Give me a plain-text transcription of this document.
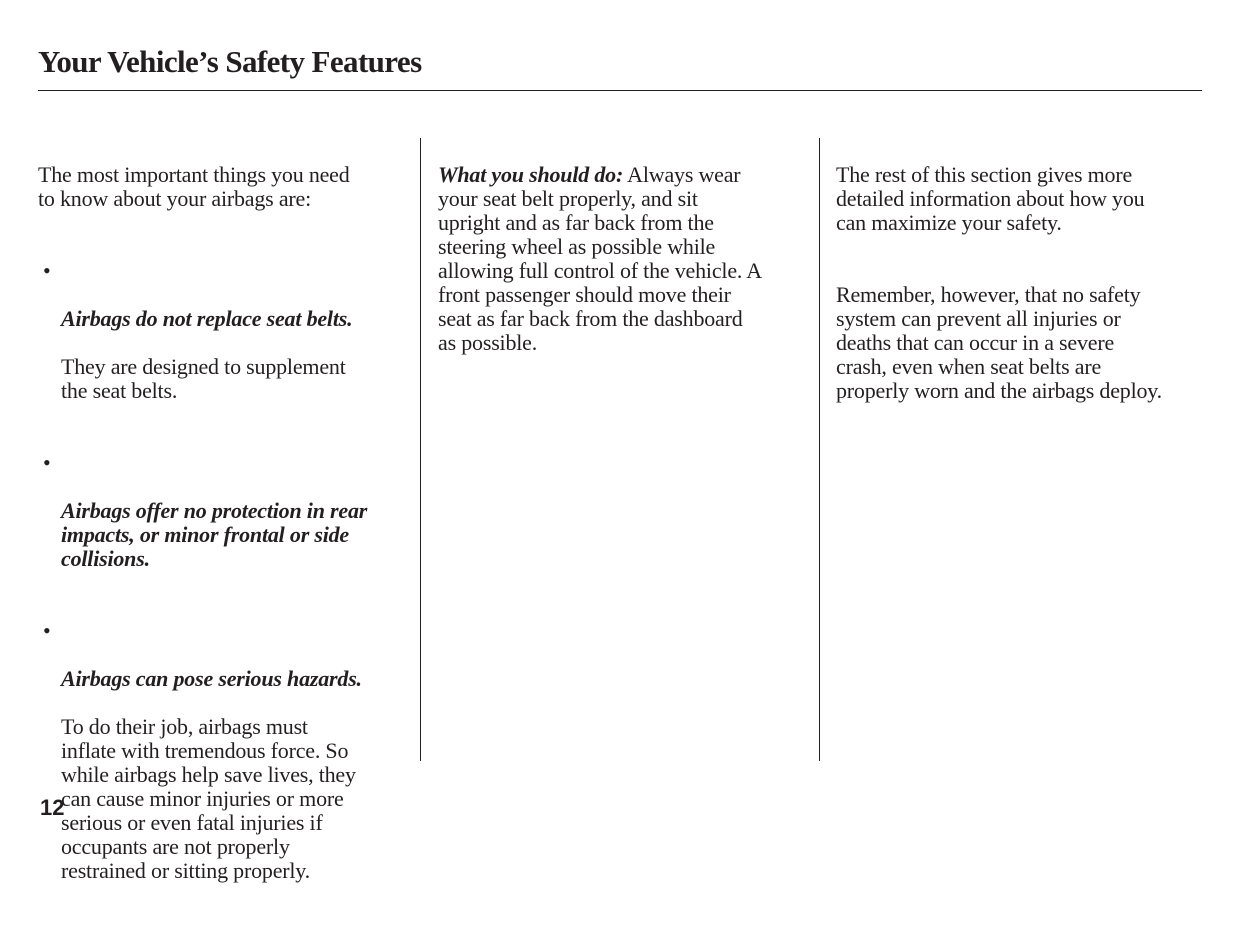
Your Vehicle’s Safety Features

The most important things you need
to know about your airbags are:

•

Airbags do not replace seat belts.

They are designed to supplement
the seat belts.

•

Airbags offer no protection in rear
impacts, or minor frontal or side
collisions.

•

Airbags can pose serious hazards.

To do their job, airbags must
inflate with tremendous force. So
while airbags help save lives, they
can cause minor injuries or more
serious or even fatal injuries if
occupants are not properly
restrained or sitting properly.

What you should do: Always wear
your seat belt properly, and sit
upright and as far back from the
steering wheel as possible while
allowing full control of the vehicle. A
front passenger should move their
seat as far back from the dashboard
as possible.

The rest of this section gives more
detailed information about how you
can maximize your safety.

Remember, however, that no safety
system can prevent all injuries or
deaths that can occur in a severe
crash, even when seat belts are
properly worn and the airbags deploy.

12
